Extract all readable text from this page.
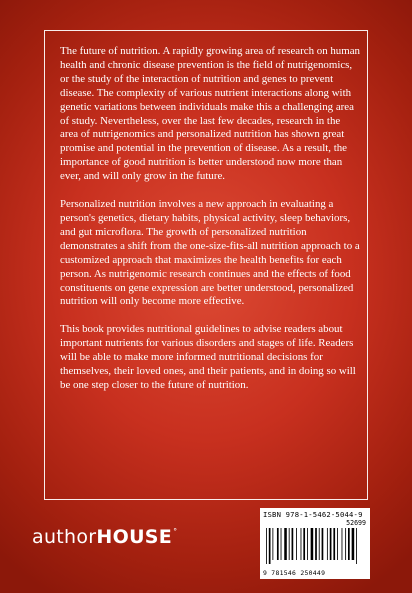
The future of nutrition. A rapidly growing area of research on human health and chronic disease prevention is the field of nutrigenomics, or the study of the interaction of nutrition and genes to prevent disease. The complexity of various nutrient interactions along with genetic variations between individuals make this a challenging area of study. Nevertheless, over the last few decades, research in the area of nutrigenomics and personalized nutrition has shown great promise and potential in the prevention of disease. As a result, the importance of good nutrition is better understood now more than ever, and will only grow in the future.

Personalized nutrition involves a new approach in evaluating a person's genetics, dietary habits, physical activity, sleep behaviors, and gut microflora. The growth of personalized nutrition demonstrates a shift from the one-size-fits-all nutrition approach to a customized approach that maximizes the health benefits for each person. As nutrigenomic research continues and the effects of food constituents on gene expression are better understood, personalized nutrition will only become more effective.

This book provides nutritional guidelines to advise readers about important nutrients for various disorders and stages of life. Readers will be able to make more informed nutritional decisions for themselves, their loved ones, and their patients, and in doing so will be one step closer to the future of nutrition.

ISBN 978-1-5462-5044-9
52699
9 781546 250449
authorHOUSE°
